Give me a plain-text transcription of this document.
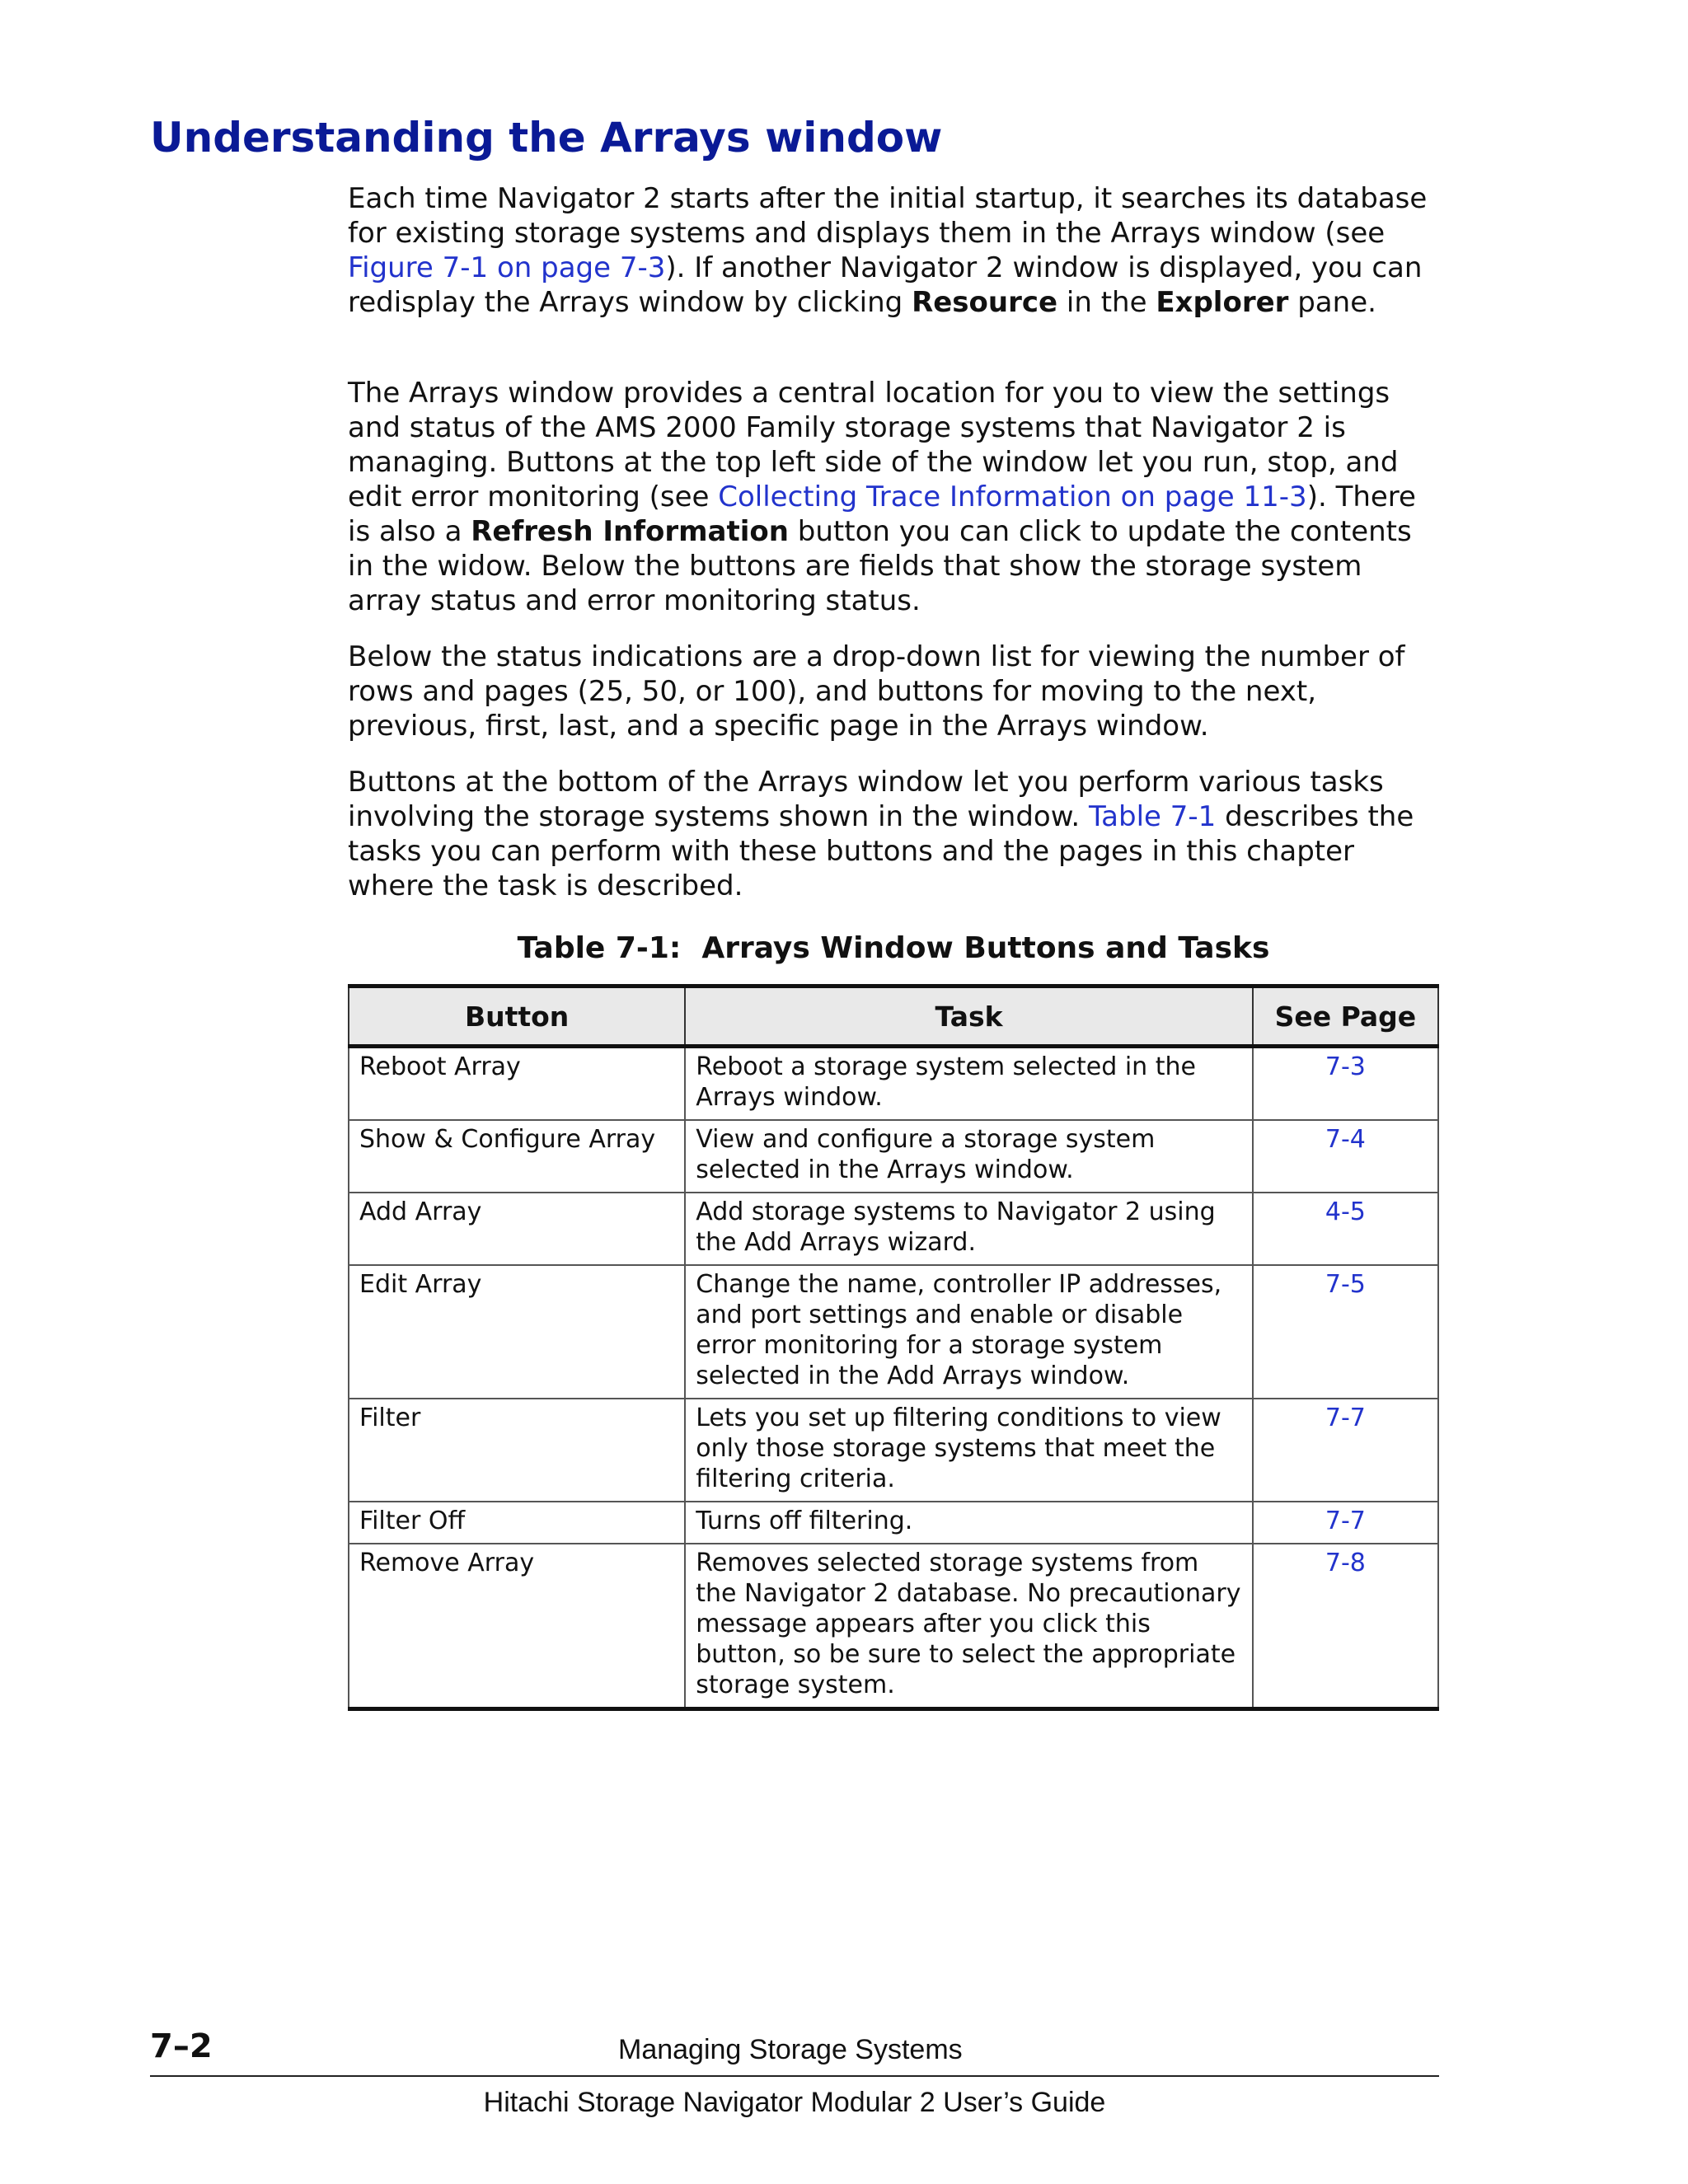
Understanding the Arrays window

Each time Navigator 2 starts after the initial startup, it searches its database for existing storage systems and displays them in the Arrays window (see Figure 7-1 on page 7-3). If another Navigator 2 window is displayed, you can redisplay the Arrays window by clicking Resource in the Explorer pane.

The Arrays window provides a central location for you to view the settings and status of the AMS 2000 Family storage systems that Navigator 2 is managing. Buttons at the top left side of the window let you run, stop, and edit error monitoring (see Collecting Trace Information on page 11-3). There is also a Refresh Information button you can click to update the contents in the widow. Below the buttons are fields that show the storage system array status and error monitoring status.

Below the status indications are a drop-down list for viewing the number of rows and pages (25, 50, or 100), and buttons for moving to the next, previous, first, last, and a specific page in the Arrays window.

Buttons at the bottom of the Arrays window let you perform various tasks involving the storage systems shown in the window. Table 7-1 describes the tasks you can perform with these buttons and the pages in this chapter where the task is described.

Table 7-1:  Arrays Window Buttons and Tasks

Button	Task	See Page
Reboot Array	Reboot a storage system selected in the Arrays window.	7-3
Show & Configure Array	View and configure a storage system selected in the Arrays window.	7-4
Add Array	Add storage systems to Navigator 2 using the Add Arrays wizard.	4-5
Edit Array	Change the name, controller IP addresses, and port settings and enable or disable error monitoring for a storage system selected in the Add Arrays window.	7-5
Filter	Lets you set up filtering conditions to view only those storage systems that meet the filtering criteria.	7-7
Filter Off	Turns off filtering.	7-7
Remove Array	Removes selected storage systems from the Navigator 2 database. No precautionary message appears after you click this button, so be sure to select the appropriate storage system.	7-8
7–2	Managing Storage Systems
Hitachi Storage Navigator Modular 2 User’s Guide
